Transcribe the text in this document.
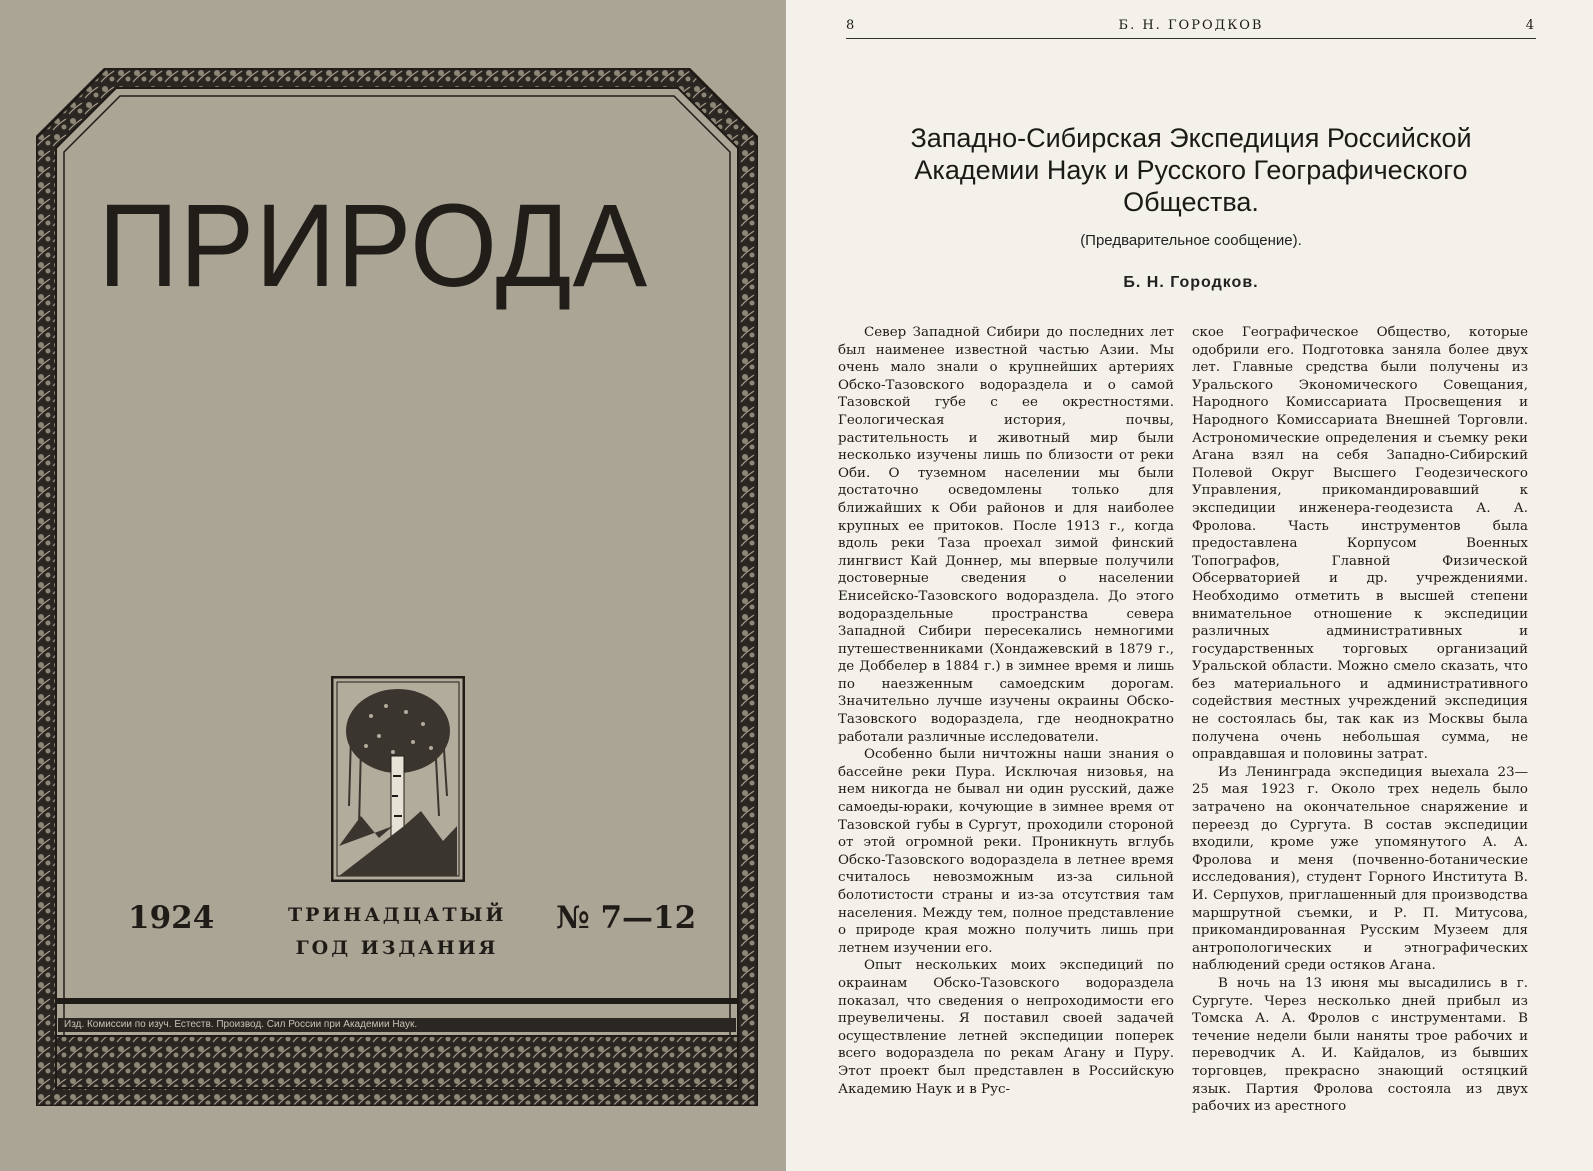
ПРИРОДА
1924	ТРИНАДЦАТЫЙ
ГОД ИЗДАНИЯ
№ 7—12
Изд. Комиссии по изуч. Естеств. Производ. Сил России при Академии Наук.
8	Б. Н. ГОРОДКОВ	4
Западно-Сибирская Экспедиция Российской Академии Наук и Русского Географического Общества.
(Предварительное сообщение).
Б. Н. Городков.

Север Западной Сибири до последних лет был наименее известной частью Азии. Мы очень мало знали о крупнейших артериях Обско-Тазовского водораздела и о самой Тазовской губе с ее окрестностями. Геологическая история, почвы, растительность и животный мир были несколько изучены лишь по близости от реки Оби. О туземном населении мы были достаточно осведомлены только для ближайших к Оби районов и для наиболее крупных ее притоков. После 1913 г., когда вдоль реки Таза проехал зимой финский лингвист Кай Доннер, мы впервые получили достоверные сведения о населении Енисейско-Тазовского водораздела. До этого водораздельные пространства севера Западной Сибири пересекались немногими путешественниками (Хондажевский в 1879 г., де Доббелер в 1884 г.) в зимнее время и лишь по наезженным самоедским дорогам. Значительно лучше изучены окраины Обско-Тазовского водораздела, где неоднократно работали различные исследователи.

Особенно были ничтожны наши знания о бассейне реки Пура. Исключая низовья, на нем никогда не бывал ни один русский, даже самоеды-юраки, кочующие в зимнее время от Тазовской губы в Сургут, проходили стороной от этой огромной реки. Проникнуть вглубь Обско-Тазовского водораздела в летнее время считалось невозможным из-за сильной болотистости страны и из-за отсутствия там населения. Между тем, полное представление о природе края можно получить лишь при летнем изучении его.

Опыт нескольких моих экспедиций по окраинам Обско-Тазовского водораздела показал, что сведения о непроходимости его преувеличены. Я поставил своей задачей осуществление летней экспедиции поперек всего водораздела по рекам Агану и Пуру. Этот проект был представлен в Российскую Академию Наук и в Рус-

ское Географическое Общество, которые одобрили его. Подготовка заняла более двух лет. Главные средства были получены из Уральского Экономического Совещания, Народного Комиссариата Просвещения и Народного Комиссариата Внешней Торговли. Астрономические определения и съемку реки Агана взял на себя Западно-Сибирский Полевой Округ Высшего Геодезического Управления, прикомандировавший к экспедиции инженера-геодезиста А. А. Фролова. Часть инструментов была предоставлена Корпусом Военных Топографов, Главной Физической Обсерваторией и др. учреждениями. Необходимо отметить в высшей степени внимательное отношение к экспедиции различных административных и государственных торговых организаций Уральской области. Можно смело сказать, что без материального и административного содействия местных учреждений экспедиция не состоялась бы, так как из Москвы была получена очень небольшая сумма, не оправдавшая и половины затрат.

Из Ленинграда экспедиция выехала 23—25 мая 1923 г. Около трех недель было затрачено на окончательное снаряжение и переезд до Сургута. В состав экспедиции входили, кроме уже упомянутого А. А. Фролова и меня (почвенно-ботанические исследования), студент Горного Института В. И. Серпухов, приглашенный для производства маршрутной съемки, и Р. П. Митусова, прикомандированная Русским Музеем для антропологических и этнографических наблюдений среди остяков Агана.

В ночь на 13 июня мы высадились в г. Сургуте. Через несколько дней прибыл из Томска А. А. Фролов с инструментами. В течение недели были наняты трое рабочих и переводчик А. И. Кайдалов, из бывших торговцев, прекрасно знающий остяцкий язык. Партия Фролова состояла из двух рабочих из арестного
